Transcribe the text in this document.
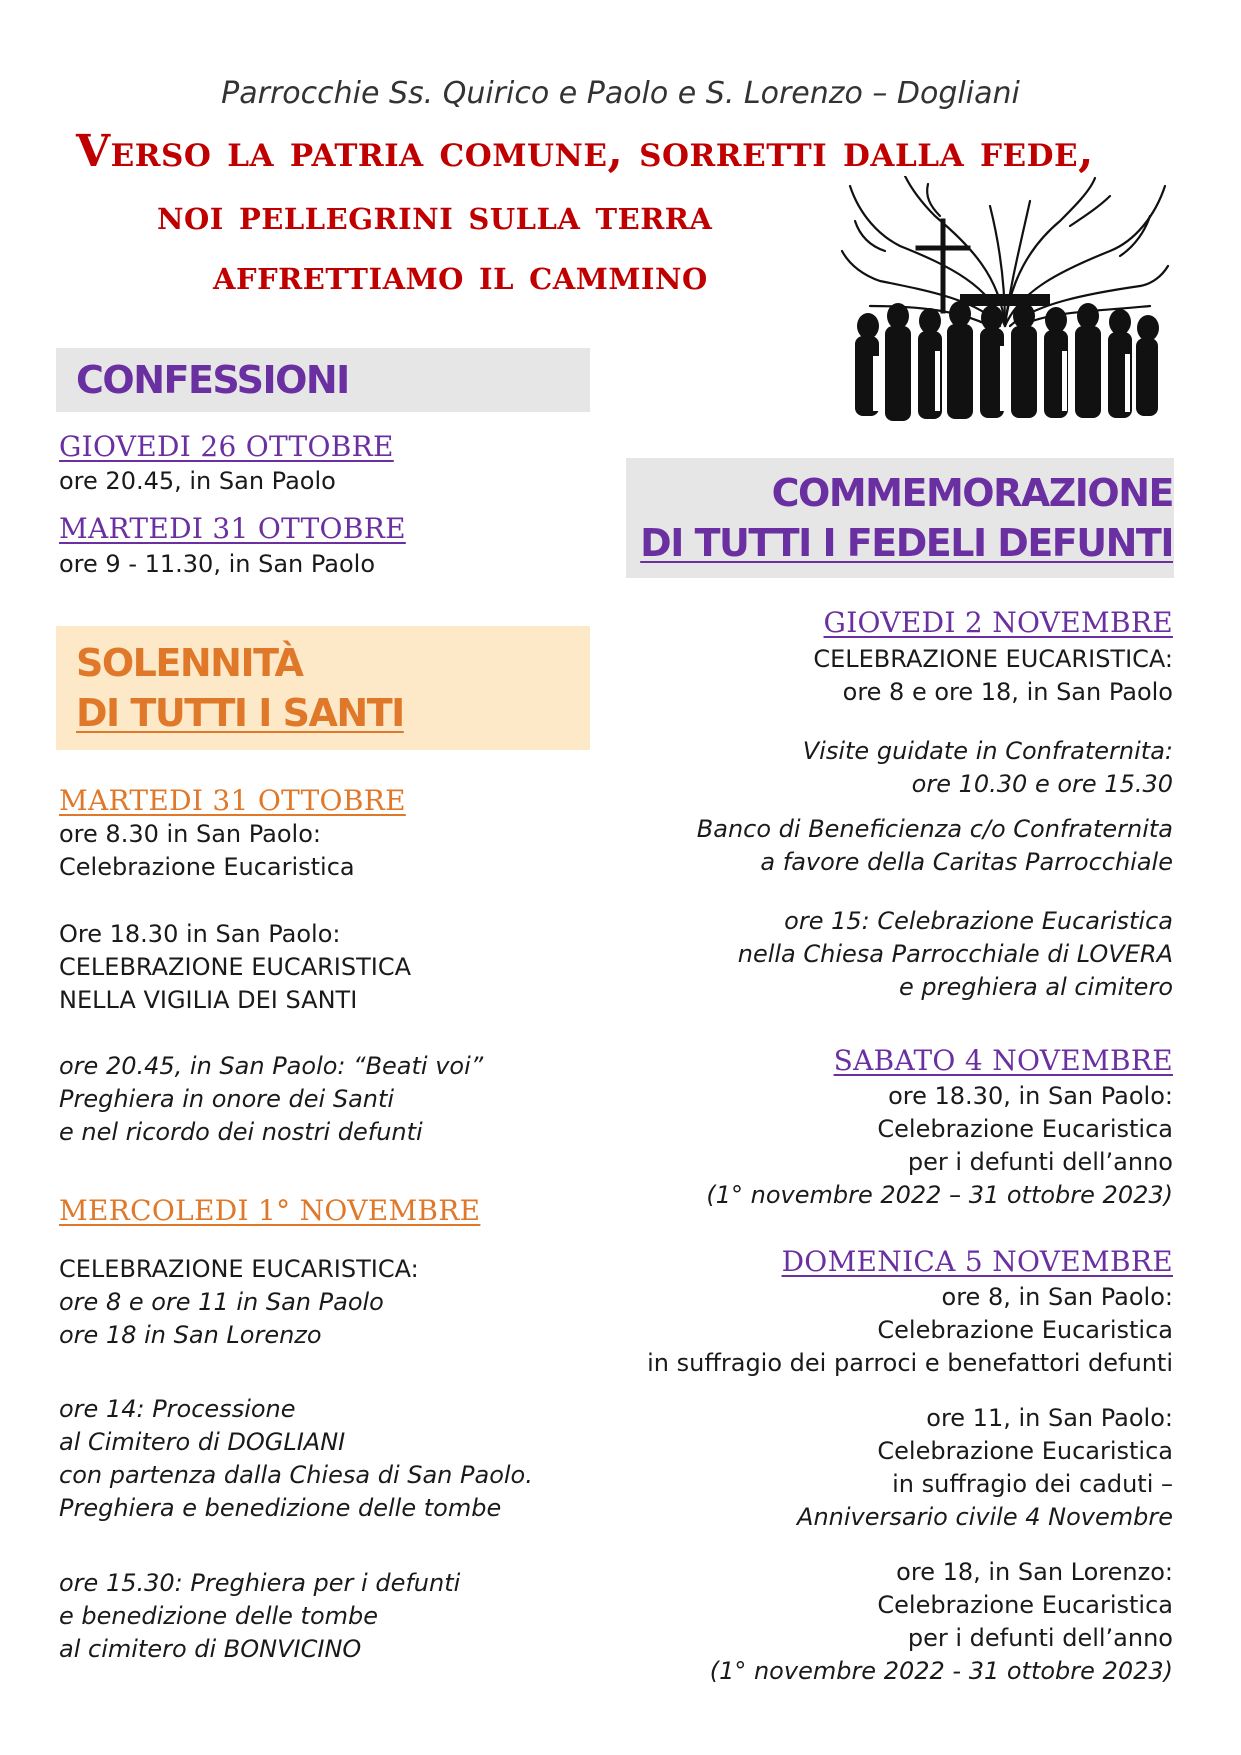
Parrocchie Ss. Quirico e Paolo e S. Lorenzo – Dogliani
Verso la patria comune, sorretti dalla fede,
noi pellegrini sulla terra
affrettiamo il cammino
CONFESSIONI
GIOVEDI 26 OTTOBRE
ore 20.45, in San Paolo
MARTEDI 31 OTTOBRE
ore 9 - 11.30, in San Paolo
SOLENNITÀ
DI TUTTI I SANTI
MARTEDI 31 OTTOBRE
ore 8.30 in San Paolo:
Celebrazione Eucaristica
Ore 18.30 in San Paolo:
CELEBRAZIONE EUCARISTICA
NELLA VIGILIA DEI SANTI
ore 20.45, in San Paolo: “Beati voi”
Preghiera in onore dei Santi
e nel ricordo dei nostri defunti
MERCOLEDI 1° NOVEMBRE
CELEBRAZIONE EUCARISTICA:
ore 8 e ore 11 in San Paolo
ore 18 in San Lorenzo
ore 14: Processione
al Cimitero di DOGLIANI
con partenza dalla Chiesa di San Paolo.
Preghiera e benedizione delle tombe
ore 15.30: Preghiera per i defunti
e benedizione delle tombe
al cimitero di BONVICINO
COMMEMORAZIONE
DI TUTTI I FEDELI DEFUNTI
GIOVEDI 2 NOVEMBRE
CELEBRAZIONE EUCARISTICA:
ore 8 e ore 18, in San Paolo
Visite guidate in Confraternita:
ore 10.30 e ore 15.30
Banco di Beneficienza c/o Confraternita
a favore della Caritas Parrocchiale
ore 15: Celebrazione Eucaristica
nella Chiesa Parrocchiale di LOVERA
e preghiera al cimitero
SABATO 4 NOVEMBRE
ore 18.30, in San Paolo:
Celebrazione Eucaristica
per i defunti dell’anno
(1° novembre 2022 – 31 ottobre 2023)
DOMENICA 5 NOVEMBRE
ore 8, in San Paolo:
Celebrazione Eucaristica
in suffragio dei parroci e benefattori defunti
ore 11, in San Paolo:
Celebrazione Eucaristica
in suffragio dei caduti –
Anniversario civile 4 Novembre
ore 18, in San Lorenzo:
Celebrazione Eucaristica
per i defunti dell’anno
(1° novembre 2022 - 31 ottobre 2023)
